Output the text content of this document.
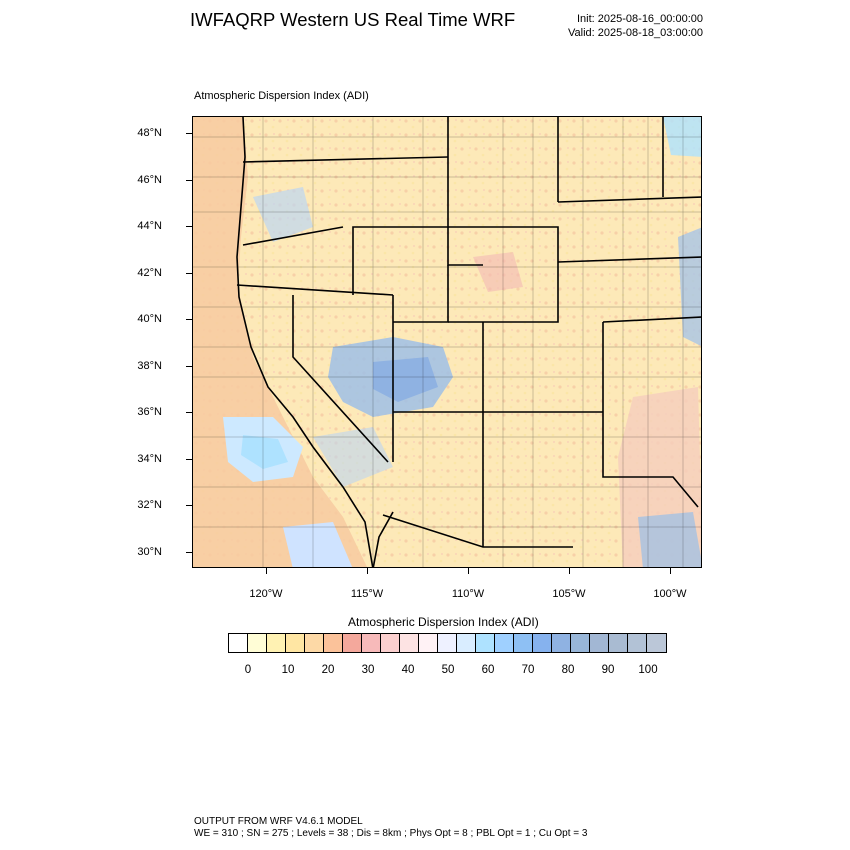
IWFAQRP Western US Real Time WRF	Init: 2025-08-16_00:00:00
Valid: 2025-08-18_03:00:00
Atmospheric Dispersion Index (ADI)
48°N
46°N
44°N
42°N
40°N
38°N
36°N
34°N
32°N
30°N
120°W	115°W	110°W	105°W	100°W
Atmospheric Dispersion Index (ADI)
0	10 20 30 40 50 60 70 80 90 100
OUTPUT FROM WRF V4.6.1 MODEL
WE = 310 ; SN = 275 ; Levels = 38 ; Dis = 8km ; Phys Opt = 8 ; PBL Opt = 1 ; Cu Opt = 3
